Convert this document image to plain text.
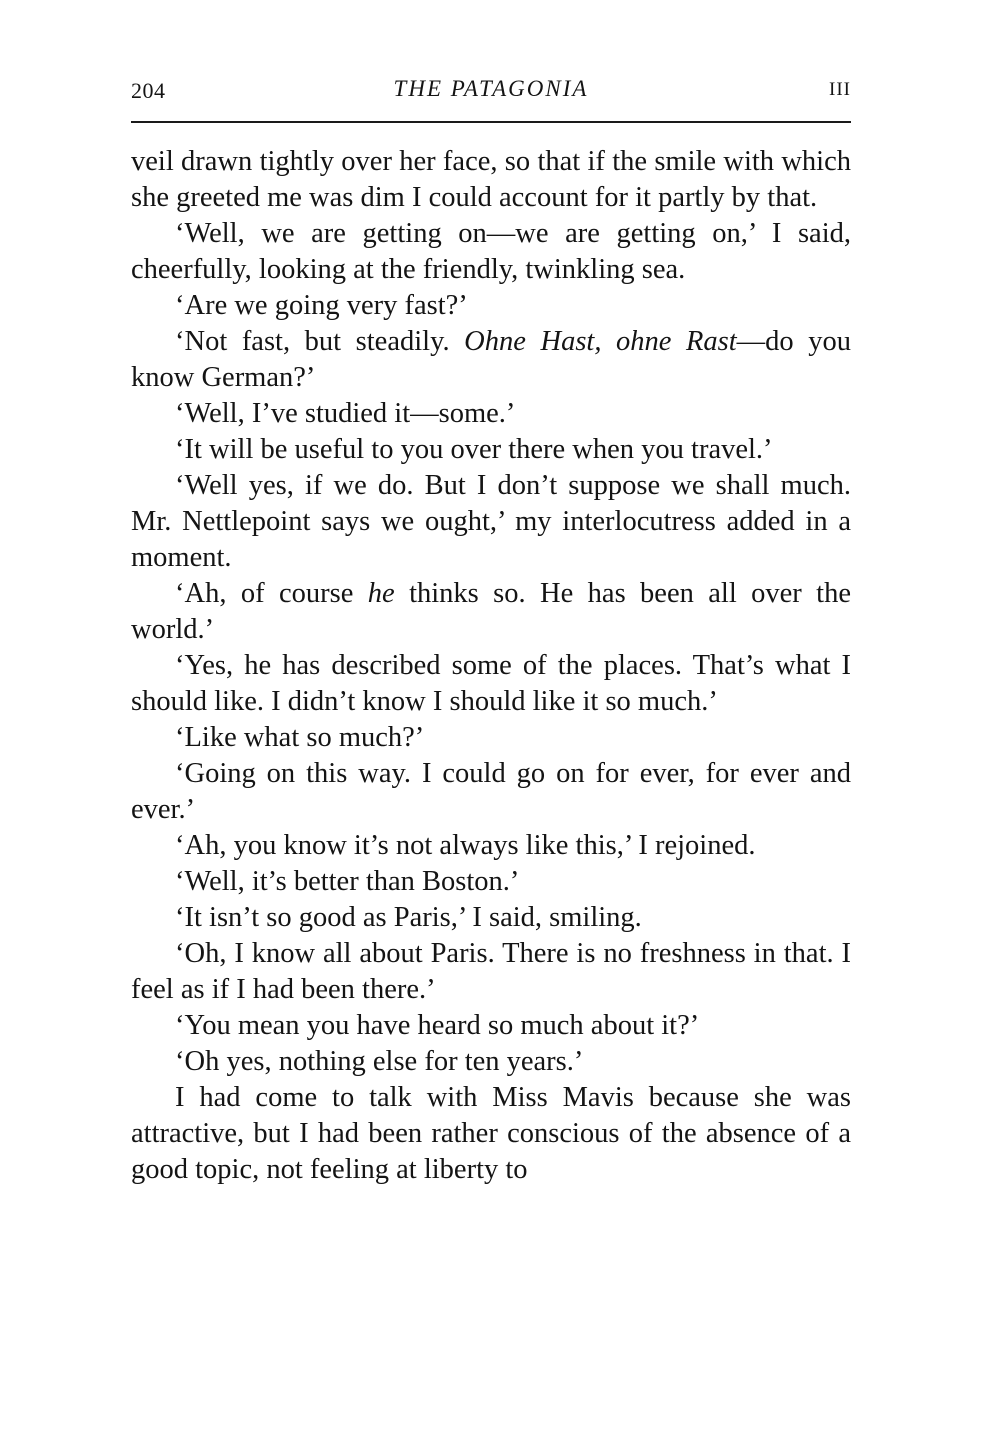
204	THE PATAGONIA	III

veil drawn tightly over her face, so that if the smile with which she greeted me was dim I could account for it partly by that.

‘Well, we are getting on—we are getting on,’ I said, cheerfully, looking at the friendly, twinkling sea.

‘Are we going very fast?’

‘Not fast, but steadily. Ohne Hast, ohne Rast—do you know German?’

‘Well, I’ve studied it—some.’

‘It will be useful to you over there when you travel.’

‘Well yes, if we do. But I don’t suppose we shall much. Mr. Nettlepoint says we ought,’ my interlocutress added in a moment.

‘Ah, of course he thinks so. He has been all over the world.’

‘Yes, he has described some of the places. That’s what I should like. I didn’t know I should like it so much.’

‘Like what so much?’

‘Going on this way. I could go on for ever, for ever and ever.’

‘Ah, you know it’s not always like this,’ I rejoined.

‘Well, it’s better than Boston.’

‘It isn’t so good as Paris,’ I said, smiling.

‘Oh, I know all about Paris. There is no freshness in that. I feel as if I had been there.’

‘You mean you have heard so much about it?’

‘Oh yes, nothing else for ten years.’

I had come to talk with Miss Mavis because she was attractive, but I had been rather conscious of the absence of a good topic, not feeling at liberty to
